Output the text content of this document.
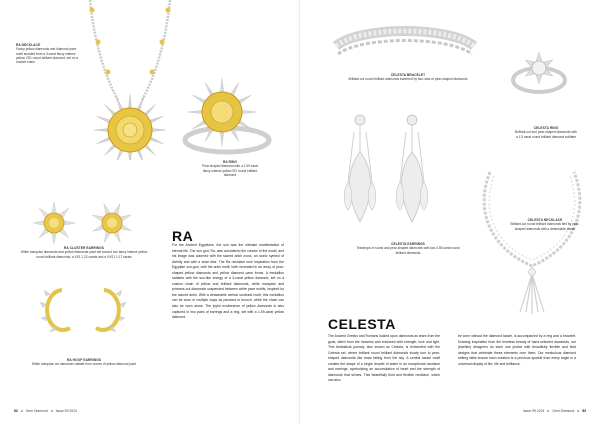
RA NECKLACE
Fancy yellow diamonds and diamond pavé motif studded from a 3-carat fancy intense yellow VS1 round brilliant diamond, set on a custom chain
RA RING
Pear-shaped diamond with a 1.59 carat fancy intense yellow SI2 round brilliant diamond
RA CLUSTER EARRINGS
White marquise diamonds and yellow diamonds pavé set around two fancy intense yellow round brilliant diamonds, a VS1 1.22 carats and a VVS1 1.17 carats
RA HOOP EARRINGS
White marquise cut diamonds radiate from curves of yellow diamond pavé
RA

For the Ancient Egyptians, the sun was the ultimate manifestation of eternal life. The sun god, Ra, was considered the creator of the world, and his image was adorned with the sacred ankh cross, an iconic symbol of divinity and with a solar disk. The Ra necklace took inspiration from the Egyptian sun-god, with the ankh motif, both recreated in an array of pear-shaped yellow diamonds and yellow diamond pavé forms. A medallion radiates with the sun-like energy of a 3-carat yellow diamond, set on a custom chain of yellow and brilliant diamonds, white marquise and princess-cut diamonds suspended between white pavé motifs, inspired by the sacred ankh. With a detachable central sunburst motif, this medallion can be worn in multiple ways as pendant or brooch, while the chain can also be worn alone. The joyful exuberance of yellow diamonds is also captured in two pairs of earrings and a ring, set with a 1.59-carat yellow diamond.

52 Gem Diamond Issue 99 2024
CELESTA BRACELET
Brilliant-cut round brilliant diamonds bordered by two rows of pear-shaped diamonds
CELESTA RING
Brilliant-cut and pear-shaped diamonds with a 1.5 carat round brilliant diamond solitaire
CELESTA EARRINGS
Teardrops of round and pear-shaped diamonds with two 4.59-carat round brilliant diamonds
CELESTA NECKLACE
Brilliant-cut round brilliant diamonds tied by pear-shaped diamonds with a detachable tassel
CELESTA

The Ancient Greeks and Romans looked upon diamonds as tears from the gods, fallen from the heavens and endowed with strength, love and light. This fantastical journey, also known as Celesta, is reinvented with the Celesta set, where brilliant round brilliant diamonds slowly turn to pear-shaped diamonds like tears falling from the sky. A central tassel motif creates the shape of a single droplet of water in an exceptional necklace and earrings, symbolising an accumulation of heart and the strength of diamonds that shines. This beautifully fluid and flexible necklace, which can also

be worn without the diamond tassel, is accompanied by a ring and a bracelet. Drawing inspiration from the timeless beauty of hand-selected diamonds, our jewellery designers do each one justice with beautifully flexible and fluid designs that celebrate these elements over them. Our meticulous diamond setting skills ensure each creation is a precious sparkle from every angle in a universal display of fire, life and brilliance.

Issue 99 2024 Gem Diamond 53
